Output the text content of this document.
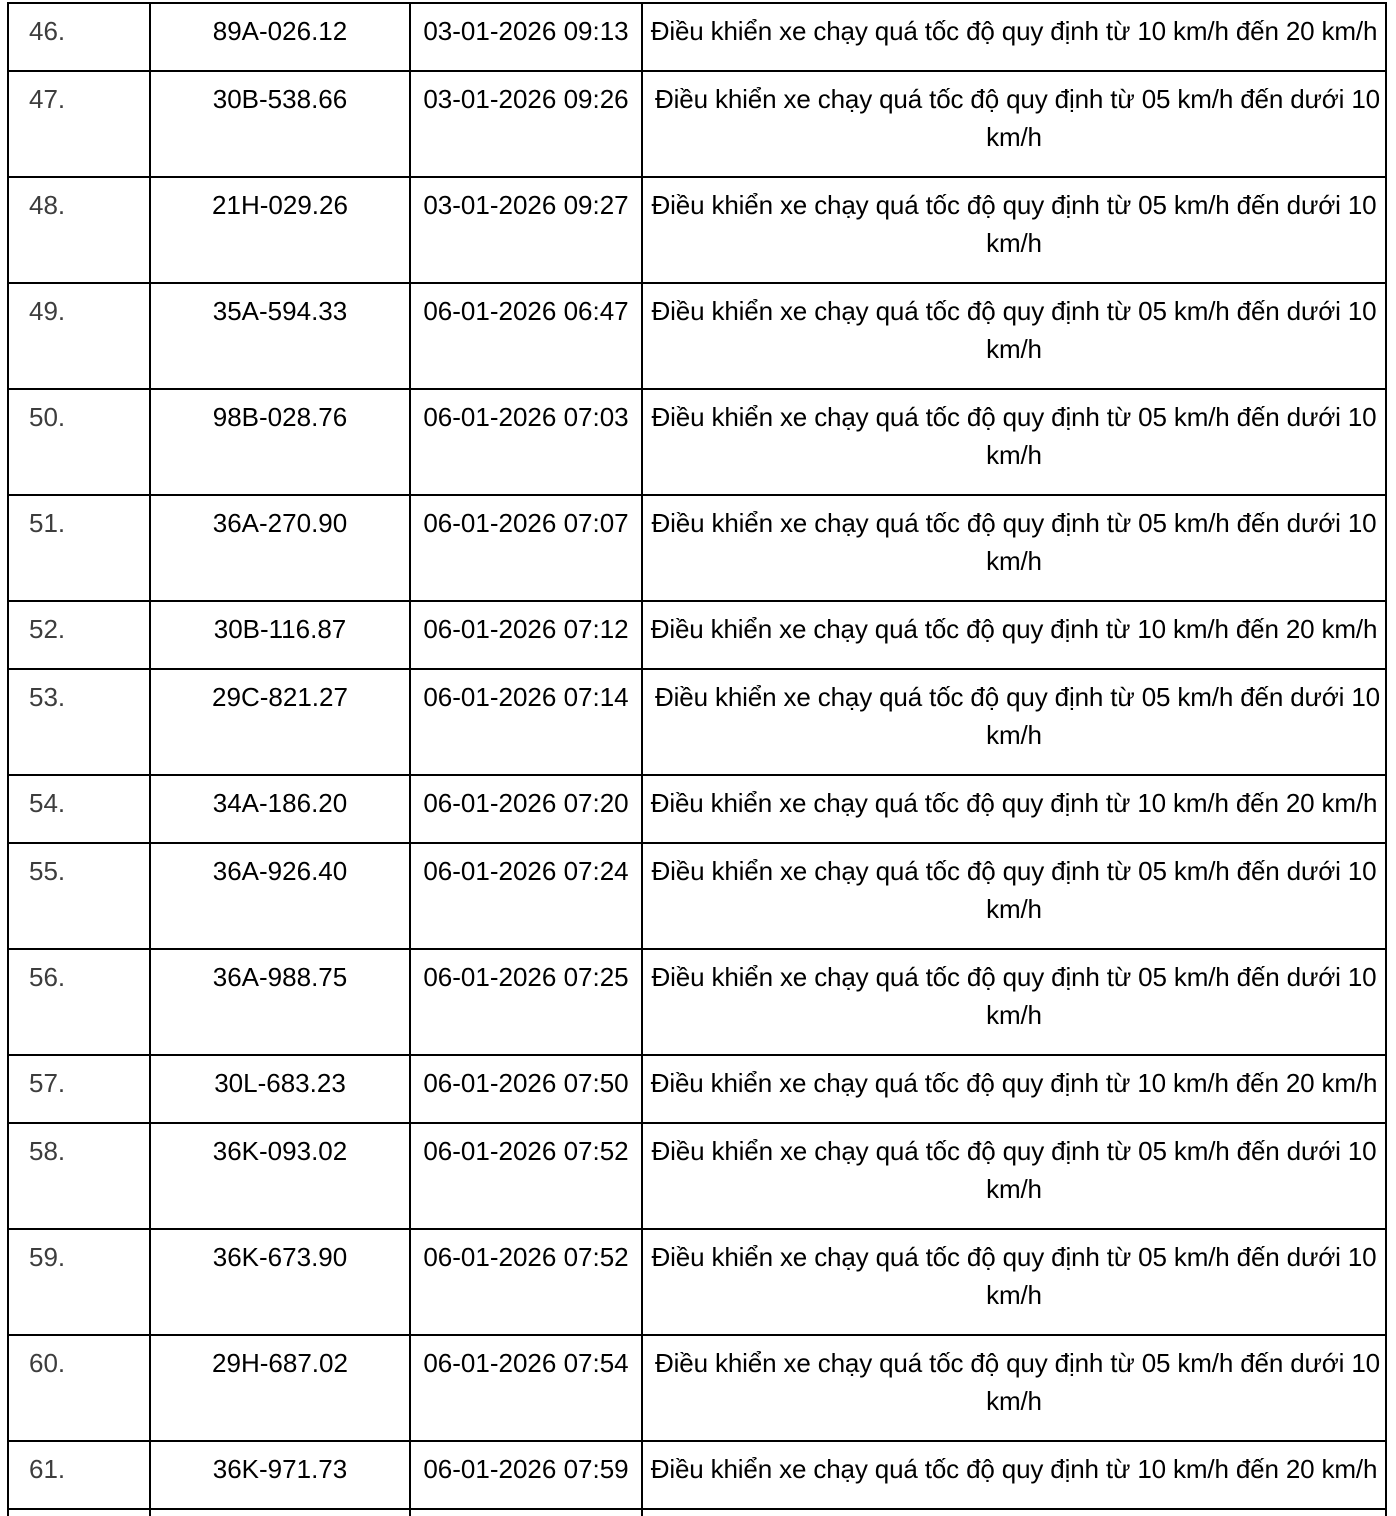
46.	89A-026.12	03-01-2026 09:13	Điều khiển xe chạy quá tốc độ quy định từ 10 km/h đến 20 km/h
47.	30B-538.66	03-01-2026 09:26	Điều khiển xe chạy quá tốc độ quy định từ 05 km/h đến dưới 10 km/h
48.	21H-029.26	03-01-2026 09:27	Điều khiển xe chạy quá tốc độ quy định từ 05 km/h đến dưới 10 km/h
49.	35A-594.33	06-01-2026 06:47	Điều khiển xe chạy quá tốc độ quy định từ 05 km/h đến dưới 10 km/h
50.	98B-028.76	06-01-2026 07:03	Điều khiển xe chạy quá tốc độ quy định từ 05 km/h đến dưới 10 km/h
51.	36A-270.90	06-01-2026 07:07	Điều khiển xe chạy quá tốc độ quy định từ 05 km/h đến dưới 10 km/h
52.	30B-116.87	06-01-2026 07:12	Điều khiển xe chạy quá tốc độ quy định từ 10 km/h đến 20 km/h
53.	29C-821.27	06-01-2026 07:14	Điều khiển xe chạy quá tốc độ quy định từ 05 km/h đến dưới 10 km/h
54.	34A-186.20	06-01-2026 07:20	Điều khiển xe chạy quá tốc độ quy định từ 10 km/h đến 20 km/h
55.	36A-926.40	06-01-2026 07:24	Điều khiển xe chạy quá tốc độ quy định từ 05 km/h đến dưới 10 km/h
56.	36A-988.75	06-01-2026 07:25	Điều khiển xe chạy quá tốc độ quy định từ 05 km/h đến dưới 10 km/h
57.	30L-683.23	06-01-2026 07:50	Điều khiển xe chạy quá tốc độ quy định từ 10 km/h đến 20 km/h
58.	36K-093.02	06-01-2026 07:52	Điều khiển xe chạy quá tốc độ quy định từ 05 km/h đến dưới 10 km/h
59.	36K-673.90	06-01-2026 07:52	Điều khiển xe chạy quá tốc độ quy định từ 05 km/h đến dưới 10 km/h
60.	29H-687.02	06-01-2026 07:54	Điều khiển xe chạy quá tốc độ quy định từ 05 km/h đến dưới 10 km/h
61.	36K-971.73	06-01-2026 07:59	Điều khiển xe chạy quá tốc độ quy định từ 10 km/h đến 20 km/h
